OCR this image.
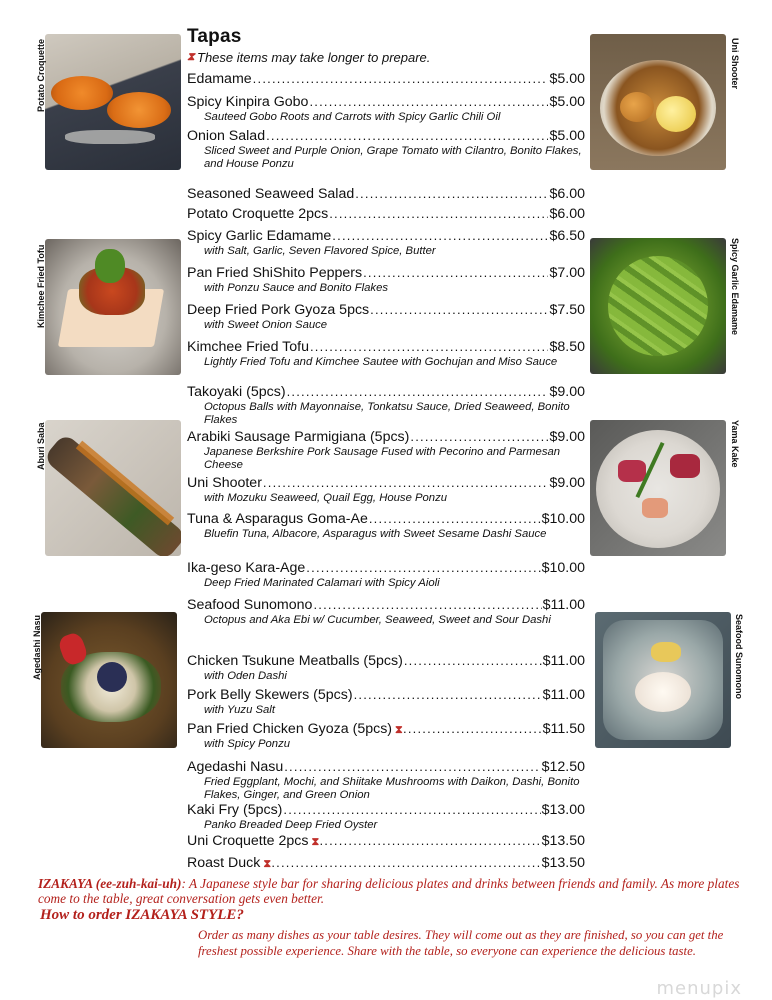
Potato Croquette
Kimchee Fried Tofu
Aburi Saba
Agedashi Nasu
Uni Shooter
Spicy Garlic Edamame
Yama Kake
Seafood Sunomono
Tapas
⧗ These items may take longer to prepare.
Edamame . . .	$5.00
Spicy Kinpira Gobo . . .	$5.00
Sauteed Gobo Roots and Carrots with Spicy Garlic Chili Oil
Onion Salad . . .	$5.00
Sliced Sweet and Purple Onion, Grape Tomato with Cilantro, Bonito Flakes, and House Ponzu
Seasoned Seaweed Salad . . .	$6.00
Potato Croquette 2pcs . . .	$6.00
Spicy Garlic Edamame . . .	$6.50
with Salt, Garlic, Seven Flavored Spice, Butter
Pan Fried ShiShito Peppers . . .	$7.00
with Ponzu Sauce and Bonito Flakes
Deep Fried Pork Gyoza 5pcs . . .	$7.50
with Sweet Onion Sauce
Kimchee Fried Tofu . . .	$8.50
Lightly Fried Tofu and Kimchee Sautee with Gochujan and Miso Sauce
Takoyaki (5pcs) . . .	$9.00
Octopus Balls with Mayonnaise, Tonkatsu Sauce, Dried Seaweed, Bonito Flakes
Arabiki Sausage Parmigiana (5pcs) . . .	$9.00
Japanese Berkshire Pork Sausage Fused with Pecorino and Parmesan Cheese
Uni Shooter . . .	$9.00
with Mozuku Seaweed, Quail Egg, House Ponzu
Tuna & Asparagus Goma-Ae . . .	$10.00
Bluefin Tuna, Albacore, Asparagus with Sweet Sesame Dashi Sauce
Ika-geso Kara-Age . . .	$10.00
Deep Fried Marinated Calamari with Spicy Aioli
Seafood Sunomono . . .	$11.00
Octopus and Aka Ebi w/ Cucumber, Seaweed, Sweet and Sour Dashi
Chicken Tsukune Meatballs (5pcs) . . .	$11.00
with Oden Dashi
Pork Belly Skewers (5pcs) . . .	$11.00
with Yuzu Salt
Pan Fried Chicken Gyoza (5pcs) ⧗ . . .	$11.50
with Spicy Ponzu
Agedashi Nasu . . .	$12.50
Fried Eggplant, Mochi, and Shiitake Mushrooms with Daikon, Dashi, Bonito Flakes, Ginger, and Green Onion
Kaki Fry (5pcs) . . .	$13.00
Panko Breaded Deep Fried Oyster
Uni Croquette 2pcs ⧗ . . .	$13.50
Roast Duck ⧗ . . .	$13.50
IZAKAYA (ee-zuh-kai-uh): A Japanese style bar for sharing delicious plates and drinks between friends and family. As more plates come to the table, great conversation gets even better.
How to order IZAKAYA STYLE?
Order as many dishes as your table desires. They will come out as they are finished, so you can get the freshest possible experience. Share with the table, so everyone can experience the delicious taste.
menupix
